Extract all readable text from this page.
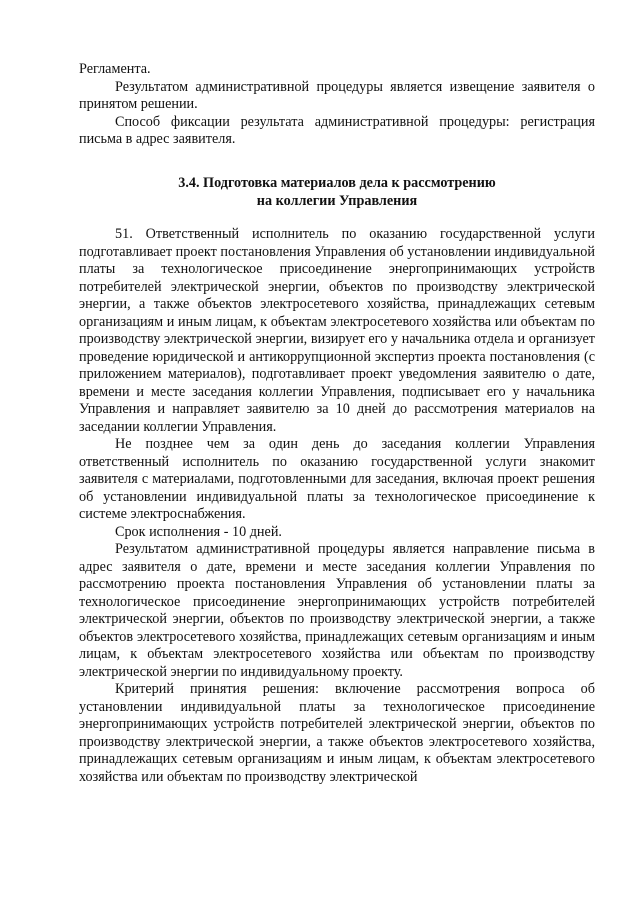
Регламента.

Результатом административной процедуры является извещение заявителя о принятом решении.

Способ фиксации результата административной процедуры: регистрация письма в адрес заявителя.

3.4. Подготовка материалов дела к рассмотрению
на коллегии Управления

51. Ответственный исполнитель по оказанию государственной услуги подготавливает проект постановления Управления об установлении индивидуальной платы за технологическое присоединение энергопринимающих устройств потребителей электрической энергии, объектов по производству электрической энергии, а также объектов электросетевого хозяйства, принадлежащих сетевым организациям и иным лицам, к объектам электросетевого хозяйства или объектам по производству электрической энергии, визирует его у начальника отдела и организует проведение юридической и антикоррупционной экспертиз проекта постановления (с приложением материалов), подготавливает проект уведомления заявителю о дате, времени и месте заседания коллегии Управления, подписывает его у начальника Управления и направляет заявителю за 10 дней до рассмотрения материалов на заседании коллегии Управления.

Не позднее чем за один день до заседания коллегии Управления ответственный исполнитель по оказанию государственной услуги знакомит заявителя с материалами, подготовленными для заседания, включая проект решения об установлении индивидуальной платы за технологическое присоединение к системе электроснабжения.

Срок исполнения - 10 дней.

Результатом административной процедуры является направление письма в адрес заявителя о дате, времени и месте заседания коллегии Управления по рассмотрению проекта постановления Управления об установлении платы за технологическое присоединение энергопринимающих устройств потребителей электрической энергии, объектов по производству электрической энергии, а также объектов электросетевого хозяйства, принадлежащих сетевым организациям и иным лицам, к объектам электросетевого хозяйства или объектам по производству электрической энергии по индивидуальному проекту.

Критерий принятия решения: включение рассмотрения вопроса об установлении индивидуальной платы за технологическое присоединение энергопринимающих устройств потребителей электрической энергии, объектов по производству электрической энергии, а также объектов электросетевого хозяйства, принадлежащих сетевым организациям и иным лицам, к объектам электросетевого хозяйства или объектам по производству электрической
